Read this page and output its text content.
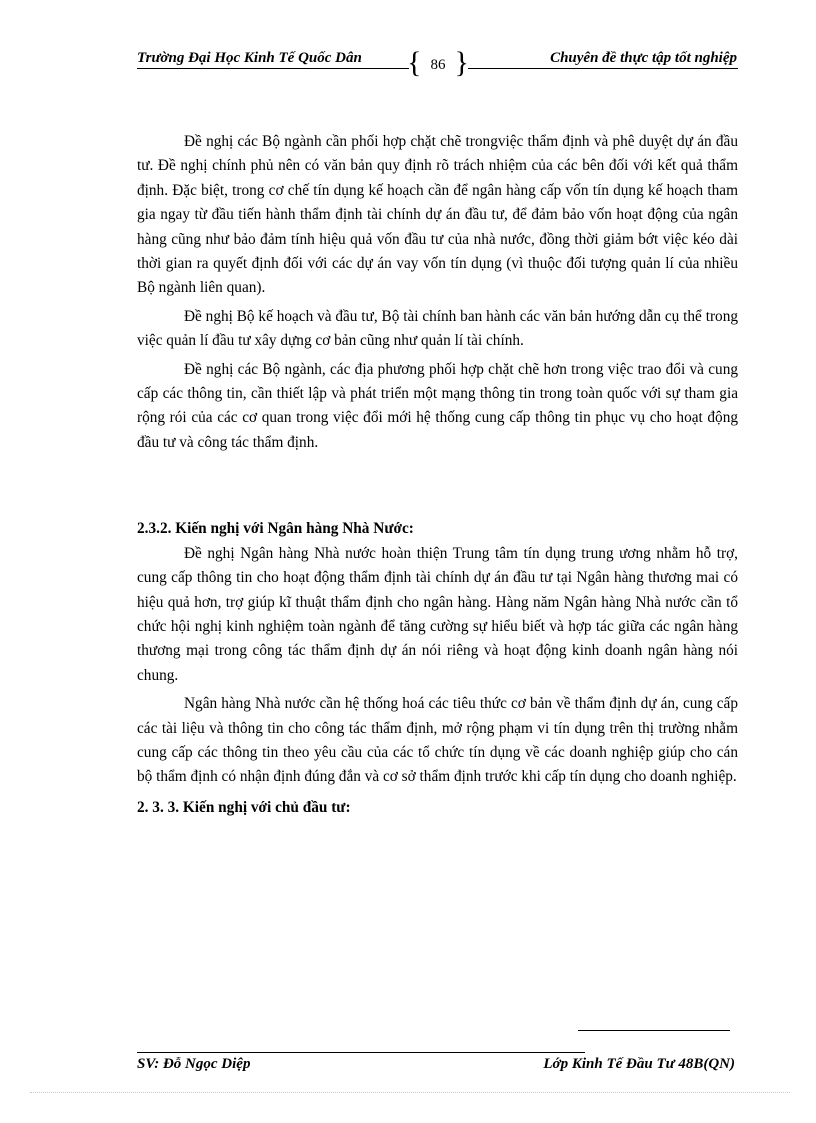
Trường Đại Học Kinh Tế Quốc Dân { 86 }	Chuyên đề thực tập tốt nghiệp

Đề nghị các Bộ ngành cần phối hợp chặt chẽ trongviệc thẩm định và phê duyệt dự án đầu tư. Đề nghị chính phủ nên có văn bản quy định rõ trách nhiệm của các bên đối với kết quả thẩm định. Đặc biệt, trong cơ chế tín dụng kế hoạch cần để ngân hàng cấp vốn tín dụng kế hoạch tham gia ngay từ đầu tiến hành thẩm định tài chính dự án đầu tư, để đảm bảo vốn hoạt động của ngân hàng cũng như bảo đảm tính hiệu quả vốn đầu tư của nhà nước, đồng thời giảm bớt việc kéo dài thời gian ra quyết định đối với các dự án vay vốn tín dụng (vì thuộc đối tượng quản lí của nhiều Bộ ngành liên quan).

Đề nghị Bộ kế hoạch và đầu tư, Bộ tài chính ban hành các văn bản hướng dẫn cụ thể trong việc quản lí đầu tư xây dựng cơ bản cũng như quản lí tài chính.

Đề nghị các Bộ ngành, các địa phương phối hợp chặt chẽ hơn trong việc trao đổi và cung cấp các thông tin, cần thiết lập và phát triển một mạng thông tin trong toàn quốc với sự tham gia rộng rói của các cơ quan trong việc đổi mới hệ thống cung cấp thông tin phục vụ cho hoạt động đầu tư và công tác thẩm định.

2.3.2. Kiến nghị với Ngân hàng Nhà Nước:

Đề nghị Ngân hàng Nhà nước hoàn thiện Trung tâm tín dụng trung ương nhằm hỗ trợ, cung cấp thông tin cho hoạt động thẩm định tài chính dự án đầu tư tại Ngân hàng thương mai có hiệu quả hơn, trợ giúp kĩ thuật thẩm định cho ngân hàng. Hàng năm Ngân hàng Nhà nước cần tổ chức hội nghị kinh nghiệm toàn ngành để tăng cường sự hiểu biết và hợp tác giữa các ngân hàng thương mại trong công tác thẩm định dự án nói riêng và hoạt động kinh doanh ngân hàng nói chung.

Ngân hàng Nhà nước cần hệ thống hoá các tiêu thức cơ bản về thẩm định dự án, cung cấp các tài liệu và thông tin cho công tác thẩm định, mở rộng phạm vi tín dụng trên thị trường nhằm cung cấp các thông tin theo yêu cầu của các tổ chức tín dụng về các doanh nghiệp giúp cho cán bộ thẩm định có nhận định đúng đắn và cơ sở thẩm định trước khi cấp tín dụng cho doanh nghiệp.

2. 3. 3. Kiến nghị với chủ đầu tư:
SV: Đỗ Ngọc Diệp	Lớp Kinh Tế Đầu Tư 48B(QN)
